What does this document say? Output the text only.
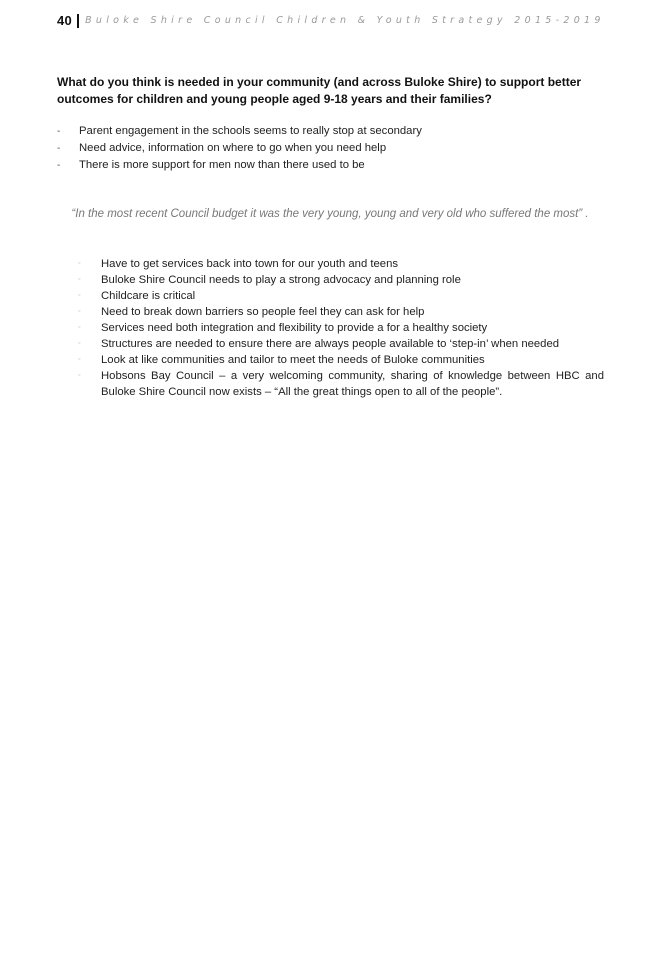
40 Buloke Shire Council Children & Youth Strategy 2015-2019

What do you think is needed in your community (and across Buloke Shire) to support better outcomes for children and young people aged 9-18 years and their families?

-	Parent engagement in the schools seems to really stop at secondary
-	Need advice, information on where to go when you need help
-	There is more support for men now than there used to be

“In the most recent Council budget it was the very young, young and very old who suffered the most” .

◦	Have to get services back into town for our youth and teens
◦	Buloke Shire Council needs to play a strong advocacy and planning role
◦	Childcare is critical
◦	Need to break down barriers so people feel they can ask for help
◦	Services need both integration and flexibility to provide a for a healthy society
◦	Structures are needed to ensure there are always people available to ‘step-in’ when needed
◦	Look at like communities and tailor to meet the needs of Buloke communities
◦	Hobsons Bay Council – a very welcoming community, sharing of knowledge between HBC and Buloke Shire Council now exists – “All the great things open to all of the people”.
